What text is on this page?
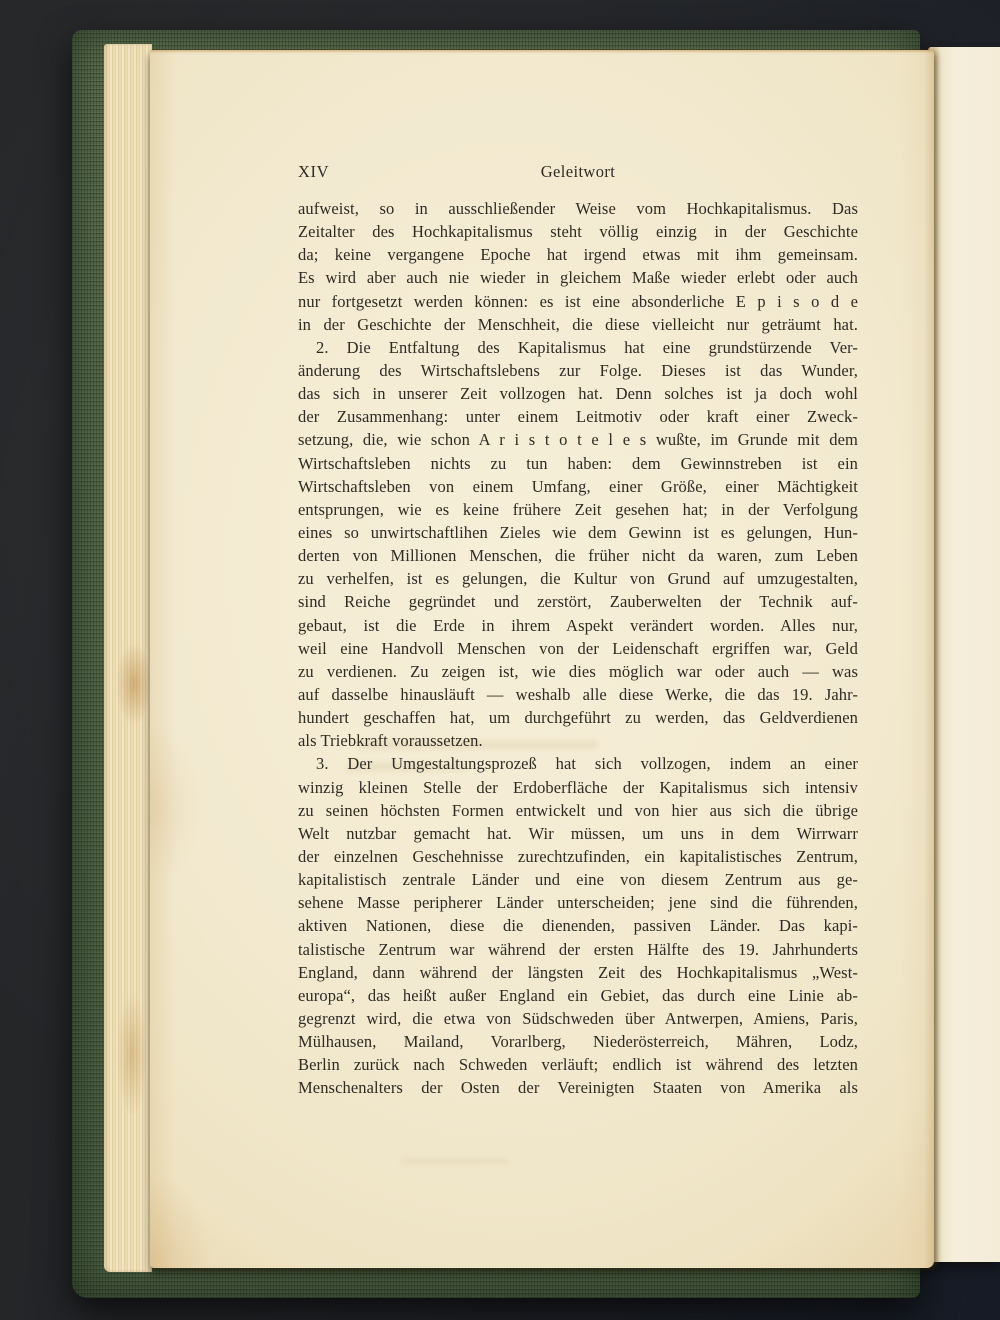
XIV	Geleitwort
aufweist, so in ausschließender Weise vom Hochkapitalismus. Das
Zeitalter des Hochkapitalismus steht völlig einzig in der Geschichte
da; keine vergangene Epoche hat irgend etwas mit ihm gemeinsam.
Es wird aber auch nie wieder in gleichem Maße wieder erlebt oder auch
nur fortgesetzt werden können: es ist eine absonderliche E p i s o d e
in der Geschichte der Menschheit, die diese vielleicht nur geträumt hat.
2. Die Entfaltung des Kapitalismus hat eine grundstürzende Ver-
änderung des Wirtschaftslebens zur Folge. Dieses ist das Wunder,
das sich in unserer Zeit vollzogen hat. Denn solches ist ja doch wohl
der Zusammenhang: unter einem Leitmotiv oder kraft einer Zweck-
setzung, die, wie schon A r i s t o t e l e s wußte, im Grunde mit dem
Wirtschaftsleben nichts zu tun haben: dem Gewinnstreben ist ein
Wirtschaftsleben von einem Umfang, einer Größe, einer Mächtigkeit
entsprungen, wie es keine frühere Zeit gesehen hat; in der Verfolgung
eines so unwirtschaftlihen Zieles wie dem Gewinn ist es gelungen, Hun-
derten von Millionen Menschen, die früher nicht da waren, zum Leben
zu verhelfen, ist es gelungen, die Kultur von Grund auf umzugestalten,
sind Reiche gegründet und zerstört, Zauberwelten der Technik auf-
gebaut, ist die Erde in ihrem Aspekt verändert worden. Alles nur,
weil eine Handvoll Menschen von der Leidenschaft ergriffen war, Geld
zu verdienen. Zu zeigen ist, wie dies möglich war oder auch — was
auf dasselbe hinausläuft — weshalb alle diese Werke, die das 19. Jahr-
hundert geschaffen hat, um durchgeführt zu werden, das Geldverdienen
als Triebkraft voraussetzen.
3. Der Umgestaltungsprozeß hat sich vollzogen, indem an einer
winzig kleinen Stelle der Erdoberfläche der Kapitalismus sich intensiv
zu seinen höchsten Formen entwickelt und von hier aus sich die übrige
Welt nutzbar gemacht hat. Wir müssen, um uns in dem Wirrwarr
der einzelnen Geschehnisse zurechtzufinden, ein kapitalistisches Zentrum,
kapitalistisch zentrale Länder und eine von diesem Zentrum aus ge-
sehene Masse peripherer Länder unterscheiden; jene sind die führenden,
aktiven Nationen, diese die dienenden, passiven Länder. Das kapi-
talistische Zentrum war während der ersten Hälfte des 19. Jahrhunderts
England, dann während der längsten Zeit des Hochkapitalismus „West-
europa“, das heißt außer England ein Gebiet, das durch eine Linie ab-
gegrenzt wird, die etwa von Südschweden über Antwerpen, Amiens, Paris,
Mülhausen, Mailand, Vorarlberg, Niederösterreich, Mähren, Lodz,
Berlin zurück nach Schweden verläuft; endlich ist während des letzten
Menschenalters der Osten der Vereinigten Staaten von Amerika als
